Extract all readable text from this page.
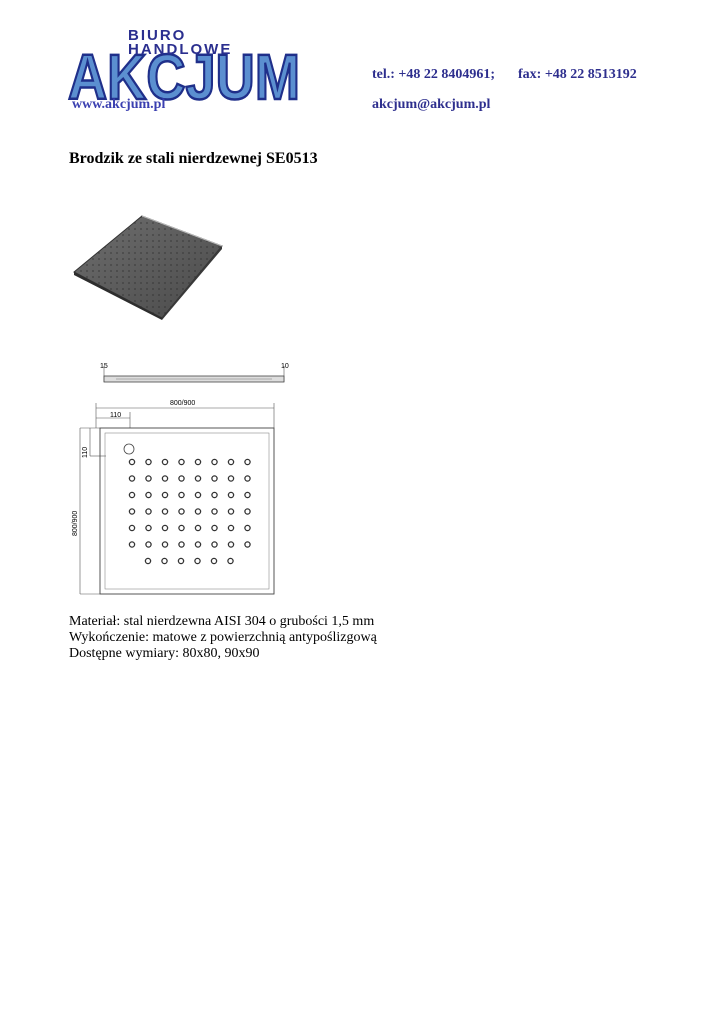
AKCJUM
BIURO
HANDLOWE
tel.: +48 22 8404961; fax: +48 22 8513192
www.akcjum.pl	akcjum@akcjum.pl
Brodzik ze stali nierdzewnej SE0513
15	10
800/900
110
110
800/900
Materiał: stal nierdzewna AISI 304 o grubości 1,5 mm
Wykończenie: matowe z powierzchnią antypoślizgową
Dostępne wymiary: 80x80, 90x90
